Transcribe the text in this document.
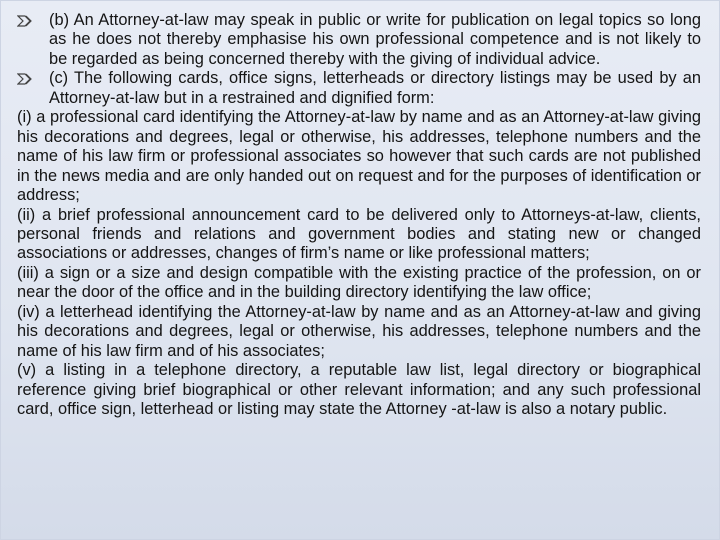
(b) An Attorney-at-law may speak in public or write for publication on legal topics so long as he does not thereby emphasise his own professional competence and is not likely to be regarded as being concerned thereby with the giving of individual advice.
(c) The following cards, office signs, letterheads or directory listings may be used by an Attorney-at-law but in a restrained and dignified form:

(i) a professional card identifying the Attorney-at-law by name and as an Attorney-at-law giving his decorations and degrees, legal or otherwise, his addresses, telephone numbers and the name of his law firm or professional associates so however that such cards are not published in the news media and are only handed out on request and for the purposes of identification or address;

(ii) a brief professional announcement card to be delivered only to Attorneys-at-law, clients, personal friends and relations and government bodies and stating new or changed associations or addresses, changes of firm’s name or like professional matters;

(iii) a sign or a size and design compatible with the existing practice of the profession, on or near the door of the office and in the building directory identifying the law office;

(iv) a letterhead identifying the Attorney-at-law by name and as an Attorney-at-law and giving his decorations and degrees, legal or otherwise, his addresses, telephone numbers and the name of his law firm and of his associates;

(v) a listing in a telephone directory, a reputable law list, legal directory or biographical reference giving brief biographical or other relevant information; and any such professional card, office sign, letterhead or listing may state the Attorney -at-law is also a notary public.
